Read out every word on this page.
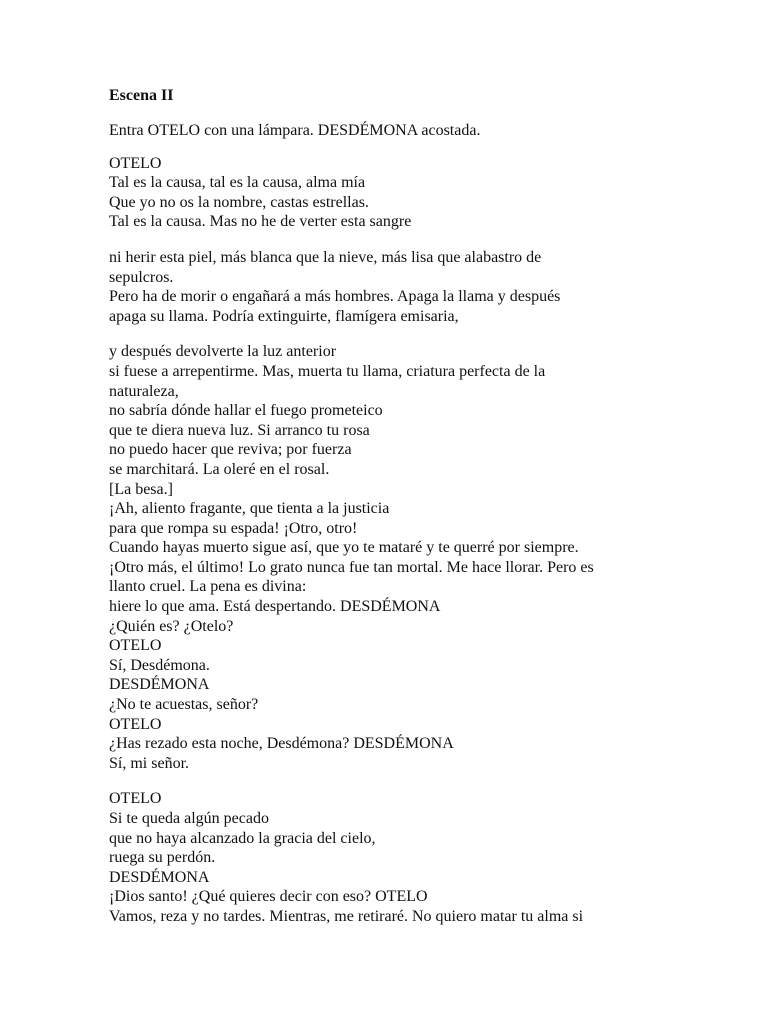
Escena II

Entra OTELO con una lámpara. DESDÉMONA acostada.

OTELO
Tal es la causa, tal es la causa, alma mía
Que yo no os la nombre, castas estrellas.
Tal es la causa. Mas no he de verter esta sangre
ni herir esta piel, más blanca que la nieve, más lisa que alabastro de
sepulcros.
Pero ha de morir o engañará a más hombres. Apaga la llama y después
apaga su llama. Podría extinguirte, flamígera emisaria,
y después devolverte la luz anterior
si fuese a arrepentirme. Mas, muerta tu llama, criatura perfecta de la
naturaleza,
no sabría dónde hallar el fuego prometeico
que te diera nueva luz. Si arranco tu rosa
no puedo hacer que reviva; por fuerza
se marchitará. La oleré en el rosal.
[La besa.]
¡Ah, aliento fragante, que tienta a la justicia
para que rompa su espada! ¡Otro, otro!
Cuando hayas muerto sigue así, que yo te mataré y te querré por siempre.
¡Otro más, el último! Lo grato nunca fue tan mortal. Me hace llorar. Pero es
llanto cruel. La pena es divina:
hiere lo que ama. Está despertando. DESDÉMONA
¿Quién es? ¿Otelo?
OTELO
Sí, Desdémona.
DESDÉMONA
¿No te acuestas, señor?
OTELO
¿Has rezado esta noche, Desdémona? DESDÉMONA
Sí, mi señor.
OTELO
Si te queda algún pecado
que no haya alcanzado la gracia del cielo,
ruega su perdón.
DESDÉMONA
¡Dios santo! ¿Qué quieres decir con eso? OTELO
Vamos, reza y no tardes. Mientras, me retiraré. No quiero matar tu alma si
